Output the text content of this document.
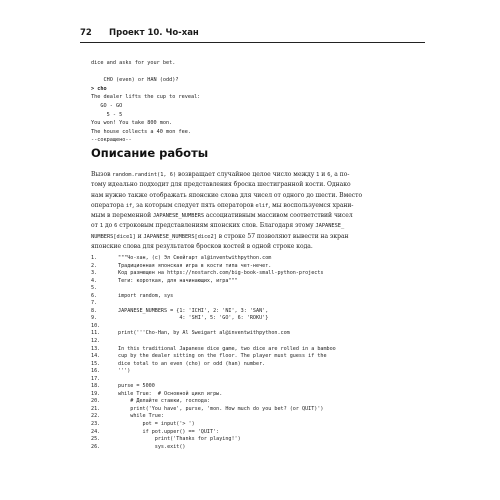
72 Проект 10. Чо-хан
dice and asks for your bet.
CHO (even) or HAN (odd)?
> cho
The dealer lifts the cup to reveal:
GO - GO
5 - 5
You won! You take 800 mon.
The house collects a 40 mon fee.
--сокращено--
Описание работы
Вызов random.randint(1, 6) возвращает случайное целое число между 1 и 6, а по-
тому идеально подходит для представления броска шестигранной кости. Однако
нам нужно также отображать японские слова для чисел от одного до шести. Вместо
оператора if, за которым следует пять операторов elif, мы воспользуемся храни-
мым в переменной JAPANESE_NUMBERS ассоциативным массивом соответствий чисел
от 1 до 6 строковым представлениям японских слов. Благодаря этому JAPANESE_
NUMBERS[dice1] и JAPANESE_NUMBERS[dice2] в строке 57 позволяют вывести на экран
японские слова для результатов бросков костей в одной строке кода.
1.	"""Чо-хан, (c) Эл Свейгарт al@inventwithpython.com
2.	Традиционная японская игра в кости типа чет-нечет.
3.	Код размещен на https://nostarch.com/big-book-small-python-projects
4.	Теги: короткая, для начинающих, игра"""
5.
6.	import random, sys
7.
8.	JAPANESE_NUMBERS = {1: 'ICHI', 2: 'NI', 3: 'SAN',
9.	4: 'SHI', 5: 'GO', 6: 'ROKU'}
10.
11.	print('''Cho-Han, by Al Sweigart al@inventwithpython.com
12.
13.	In this traditional Japanese dice game, two dice are rolled in a bamboo
14.	cup by the dealer sitting on the floor. The player must guess if the
15.	dice total to an even (cho) or odd (han) number.
16.	''')
17.
18.	purse = 5000
19.	while True:  # Основной цикл игры.
20.	# Делайте ставки, господа:
21.	print('You have', purse, 'mon. How much do you bet? (or QUIT)')
22.	while True:
23.	pot = input('> ')
24.	if pot.upper() == 'QUIT':
25.	print('Thanks for playing!')
26.	sys.exit()
